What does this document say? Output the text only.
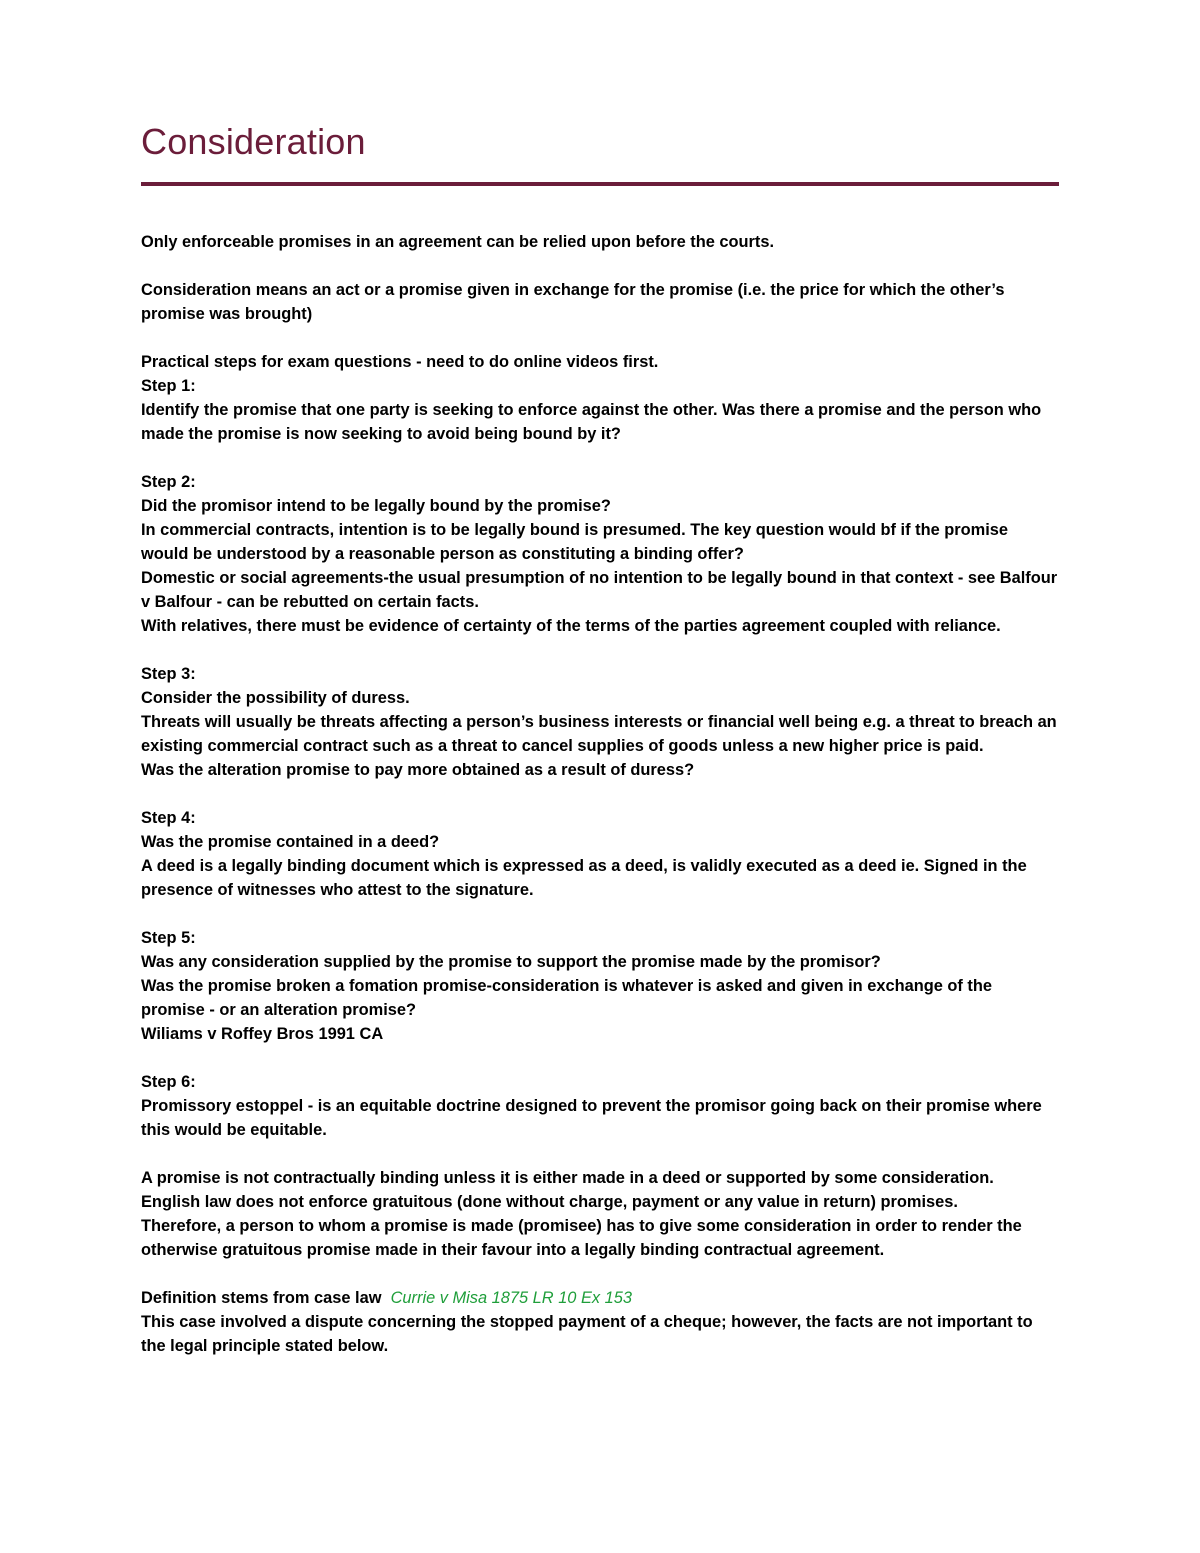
Consideration

Only enforceable promises in an agreement can be relied upon before the courts.

Consideration means an act or a promise given in exchange for the promise (i.e. the price for which the other’s promise was brought)

Practical steps for exam questions - need to do online videos first.
Step 1:
Identify the promise that one party is seeking to enforce against the other. Was there a promise and the person who made the promise is now seeking to avoid being bound by it?

Step 2:
Did the promisor intend to be legally bound by the promise?
In commercial contracts, intention is to be legally bound is presumed. The key question would bf if the promise would be understood by a reasonable person as constituting a binding offer?
Domestic or social agreements-the usual presumption of no intention to be legally bound in that context - see Balfour v Balfour - can be rebutted on certain facts.
With relatives, there must be evidence of certainty of the terms of the parties agreement coupled with reliance.

Step 3:
Consider the possibility of duress.
Threats will usually be threats affecting a person’s business interests or financial well being e.g. a threat to breach an existing commercial contract such as a threat to cancel supplies of goods unless a new higher price is paid.
Was the alteration promise to pay more obtained as a result of duress?

Step 4:
Was the promise contained in a deed?
A deed is a legally binding document which is expressed as a deed, is validly executed as a deed ie. Signed in the presence of witnesses who attest to the signature.

Step 5:
Was any consideration supplied by the promise to support the promise made by the promisor?
Was the promise broken a fomation promise-consideration is whatever is asked and given in exchange of the promise - or an alteration promise?
Wiliams v Roffey Bros 1991 CA

Step 6:
Promissory estoppel - is an equitable doctrine designed to prevent the promisor going back on their promise where this would be equitable.

A promise is not contractually binding unless it is either made in a deed or supported by some consideration.
English law does not enforce gratuitous (done without charge, payment or any value in return) promises.
Therefore, a person to whom a promise is made (promisee) has to give some consideration in order to render the otherwise gratuitous promise made in their favour into a legally binding contractual agreement.

Definition stems from case law Currie v Misa 1875 LR 10 Ex 153
This case involved a dispute concerning the stopped payment of a cheque; however, the facts are not important to the legal principle stated below.
